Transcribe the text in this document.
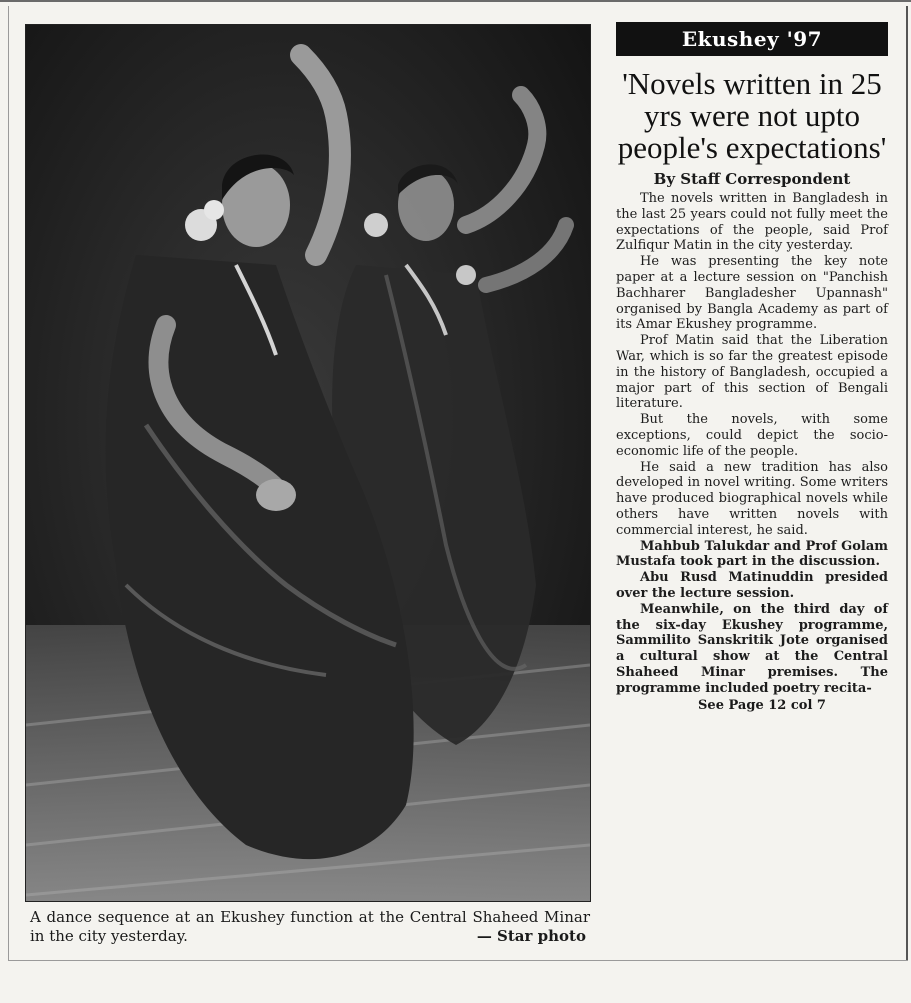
A dance sequence at an Ekushey function at the Central Shaheed Minar in the city yesterday.	— Star photo
Ekushey '97
'Novels written in 25 yrs were not upto people's expectations'
By Staff Correspondent

The novels written in Bangladesh in the last 25 years could not fully meet the expectations of the people, said Prof Zulfiqur Matin in the city yesterday.

He was presenting the key note paper at a lecture session on "Panchish Bachharer Bangladesher Upannash" organised by Bangla Academy as part of its Amar Ekushey programme.

Prof Matin said that the Liberation War, which is so far the greatest episode in the history of Bangladesh, occupied a major part of this section of Bengali literature.

But the novels, with some exceptions, could depict the socio-economic life of the people.

He said a new tradition has also developed in novel writing. Some writers have produced biographical novels while others have written novels with commercial interest, he said.

Mahbub Talukdar and Prof Golam Mustafa took part in the discussion.

Abu Rusd Matinuddin presided over the lecture session.

Meanwhile, on the third day of the six-day Ekushey programme, Sammilito Sanskritik Jote organised a cultural show at the Central Shaheed Minar premises. The programme included poetry recita-

See Page 12 col 7
